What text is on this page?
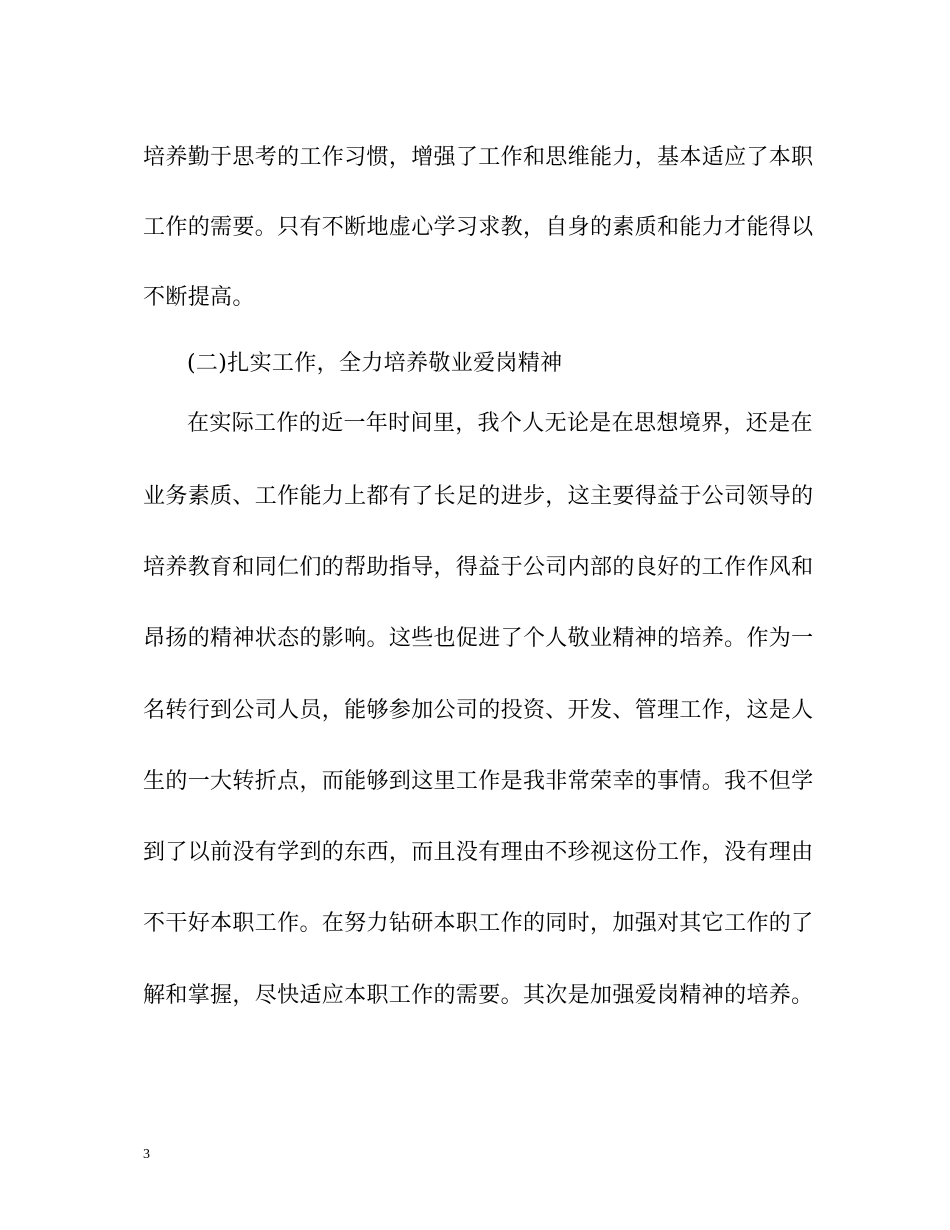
培养勤于思考的工作习惯，增强了工作和思维能力，基本适应了本职
工作的需要。只有不断地虚心学习求教，自身的素质和能力才能得以
不断提高。
(二)扎实工作，全力培养敬业爱岗精神
在实际工作的近一年时间里，我个人无论是在思想境界，还是在
业务素质、工作能力上都有了长足的进步，这主要得益于公司领导的
培养教育和同仁们的帮助指导，得益于公司内部的良好的工作作风和
昂扬的精神状态的影响。这些也促进了个人敬业精神的培养。作为一
名转行到公司人员，能够参加公司的投资、开发、管理工作，这是人
生的一大转折点，而能够到这里工作是我非常荣幸的事情。我不但学
到了以前没有学到的东西，而且没有理由不珍视这份工作，没有理由
不干好本职工作。在努力钻研本职工作的同时，加强对其它工作的了
解和掌握，尽快适应本职工作的需要。其次是加强爱岗精神的培养。
3
